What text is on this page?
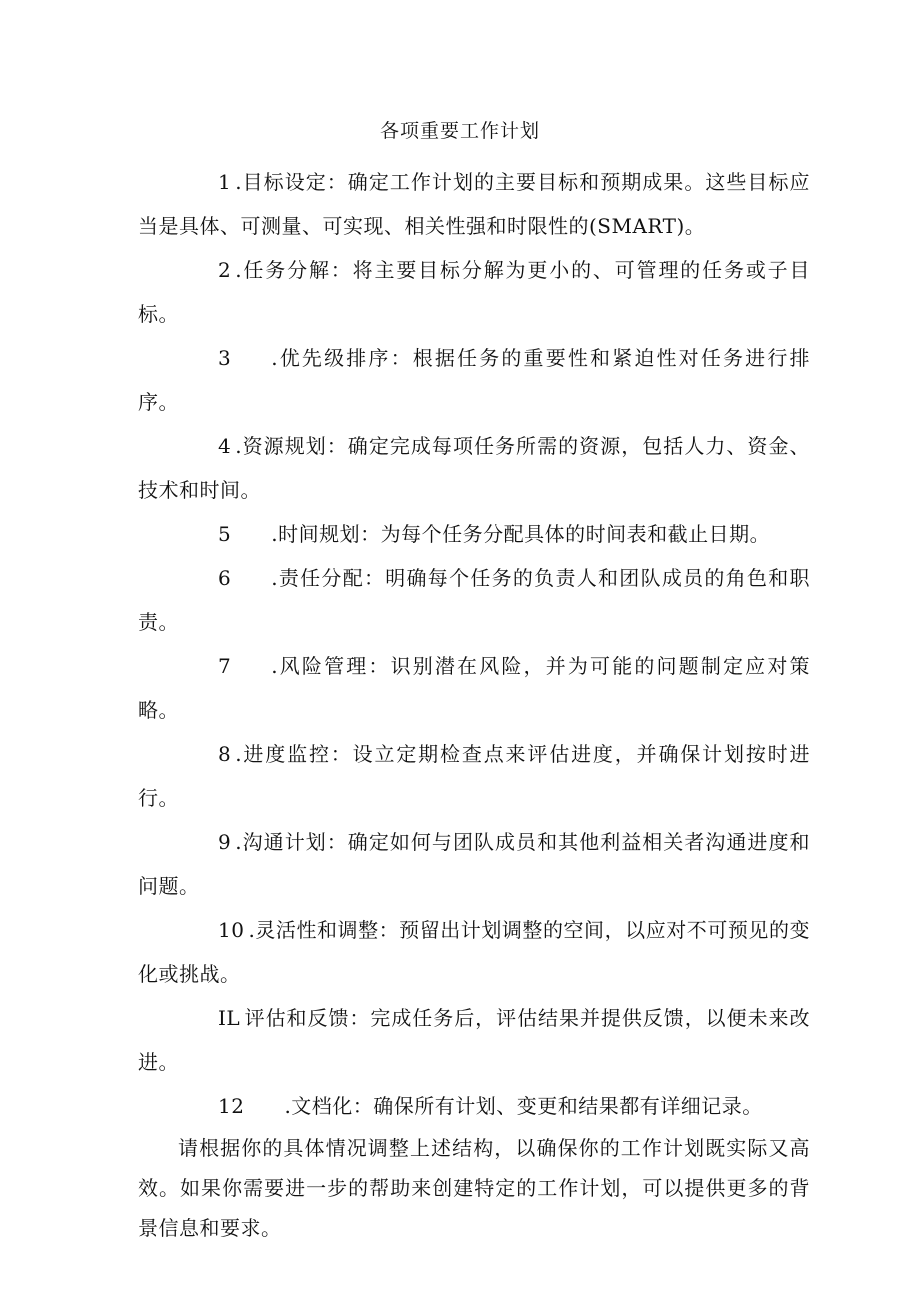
各项重要工作计划

1 .目标设定：确定工作计划的主要目标和预期成果。这些目标应当是具体、可测量、可实现、相关性强和时限性的(SMART)。

2 .任务分解：将主要目标分解为更小的、可管理的任务或子目标。

3 .优先级排序：根据任务的重要性和紧迫性对任务进行排序。

4 .资源规划：确定完成每项任务所需的资源，包括人力、资金、技术和时间。

5 .时间规划：为每个任务分配具体的时间表和截止日期。

6 .责任分配：明确每个任务的负责人和团队成员的角色和职责。

7 .风险管理：识别潜在风险，并为可能的问题制定应对策略。

8 .进度监控：设立定期检查点来评估进度，并确保计划按时进行。

9 .沟通计划：确定如何与团队成员和其他利益相关者沟通进度和问题。

10 .灵活性和调整：预留出计划调整的空间，以应对不可预见的变化或挑战。

IL 评估和反馈：完成任务后，评估结果并提供反馈，以便未来改进。

12 .文档化：确保所有计划、变更和结果都有详细记录。

请根据你的具体情况调整上述结构，以确保你的工作计划既实际又高效。如果你需要进一步的帮助来创建特定的工作计划，可以提供更多的背景信息和要求。
